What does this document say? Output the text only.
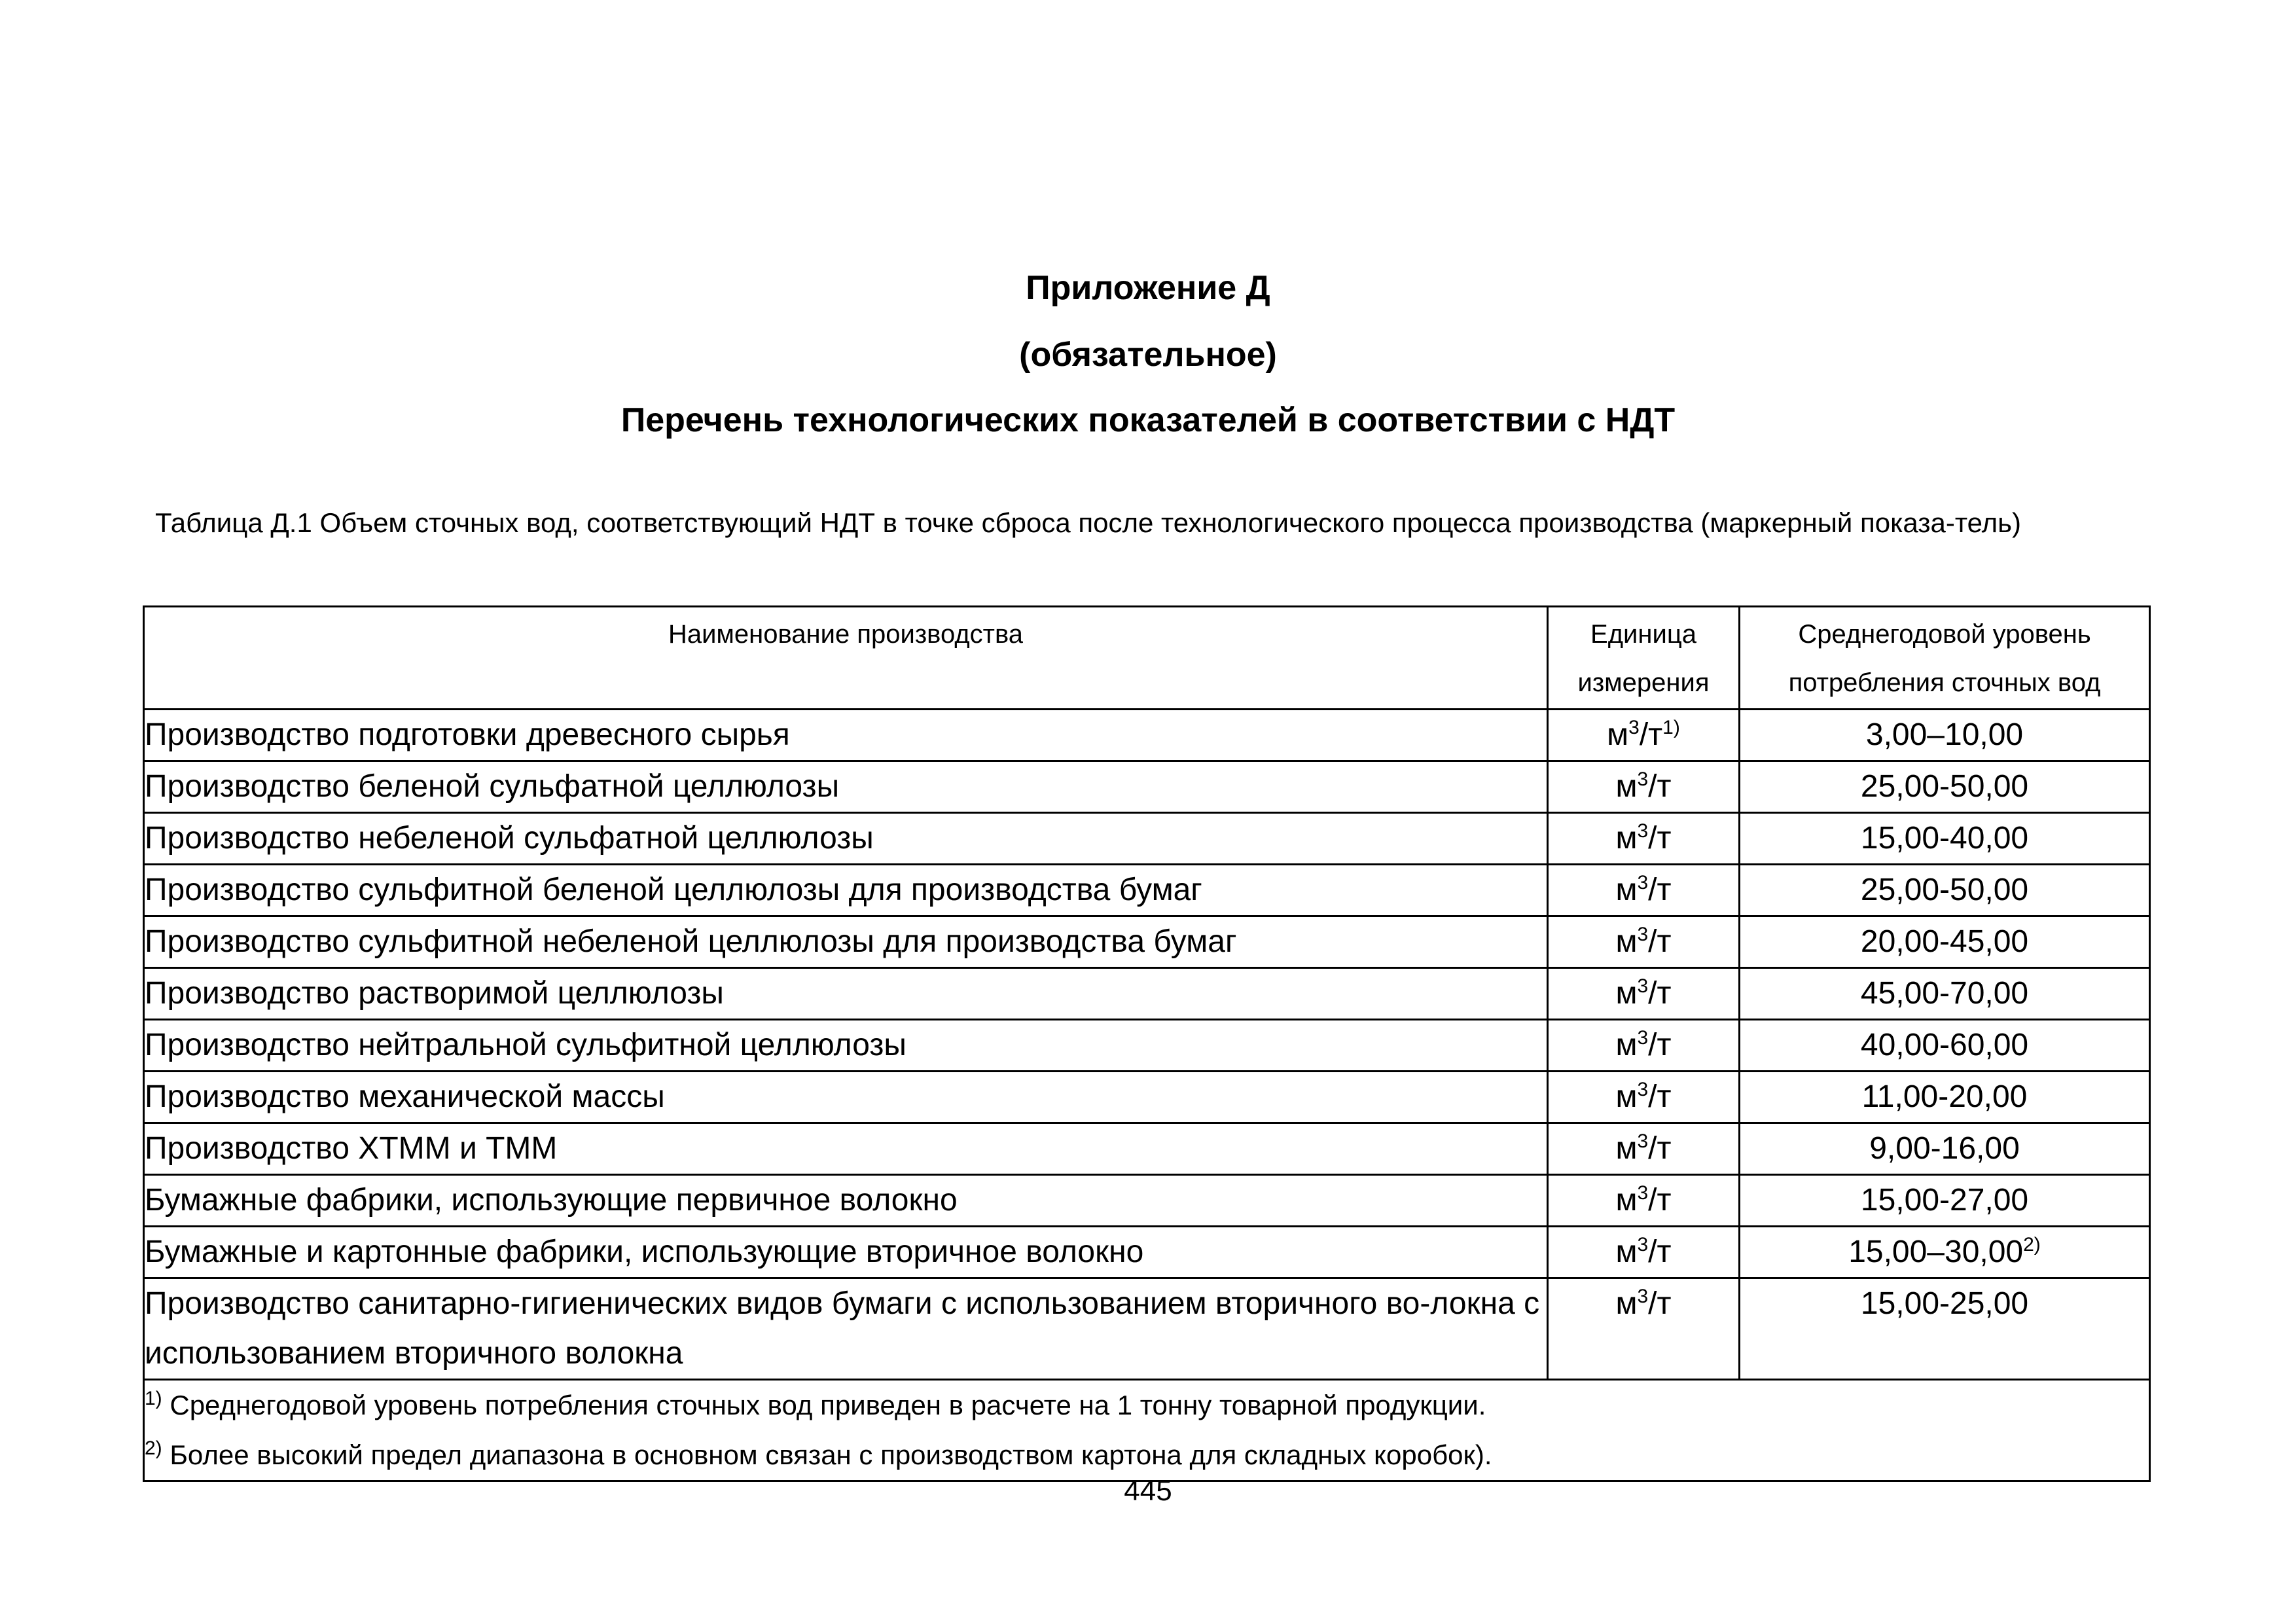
Приложение Д
(обязательное)
Перечень технологических показателей в соответствии с НДТ
Таблица Д.1 Объем сточных вод, соответствующий НДТ в точке сброса после технологического процесса производства (маркерный показа-тель)
Наименование производства	Единица измерения	Среднегодовой уровень потребления сточных вод
Производство подготовки древесного сырья	$м^3/т^{1)}$	3,00–10,00
Производство беленой сульфатной целлюлозы	$м^3/т$	25,00-50,00
Производство небеленой сульфатной целлюлозы	$м^3/т$	15,00-40,00
Производство сульфитной беленой целлюлозы для производства бумаг	$м^3/т$	25,00-50,00
Производство сульфитной небеленой целлюлозы для производства бумаг	$м^3/т$	20,00-45,00
Производство растворимой целлюлозы	$м^3/т$	45,00-70,00
Производство нейтральной сульфитной целлюлозы	$м^3/т$	40,00-60,00
Производство механической массы	$м^3/т$	11,00-20,00
Производство ХТММ и ТММ	$м^3/т$	9,00-16,00
Бумажные фабрики, использующие первичное волокно	$м^3/т$	15,00-27,00
Бумажные и картонные фабрики, использующие вторичное волокно	$м^3/т$	15,00–30,00$^{2)}$
Производство санитарно-гигиенических видов бумаги с использованием вторичного во-локна с использованием вторичного волокна	$м^3/т$	15,00-25,00

$^{1)}$ Среднегодовой уровень потребления сточных вод приведен в расчете на 1 тонну товарной продукции.
$^{2)}$ Более высокий предел диапазона в основном связан с производством картона для складных коробок).		
445
